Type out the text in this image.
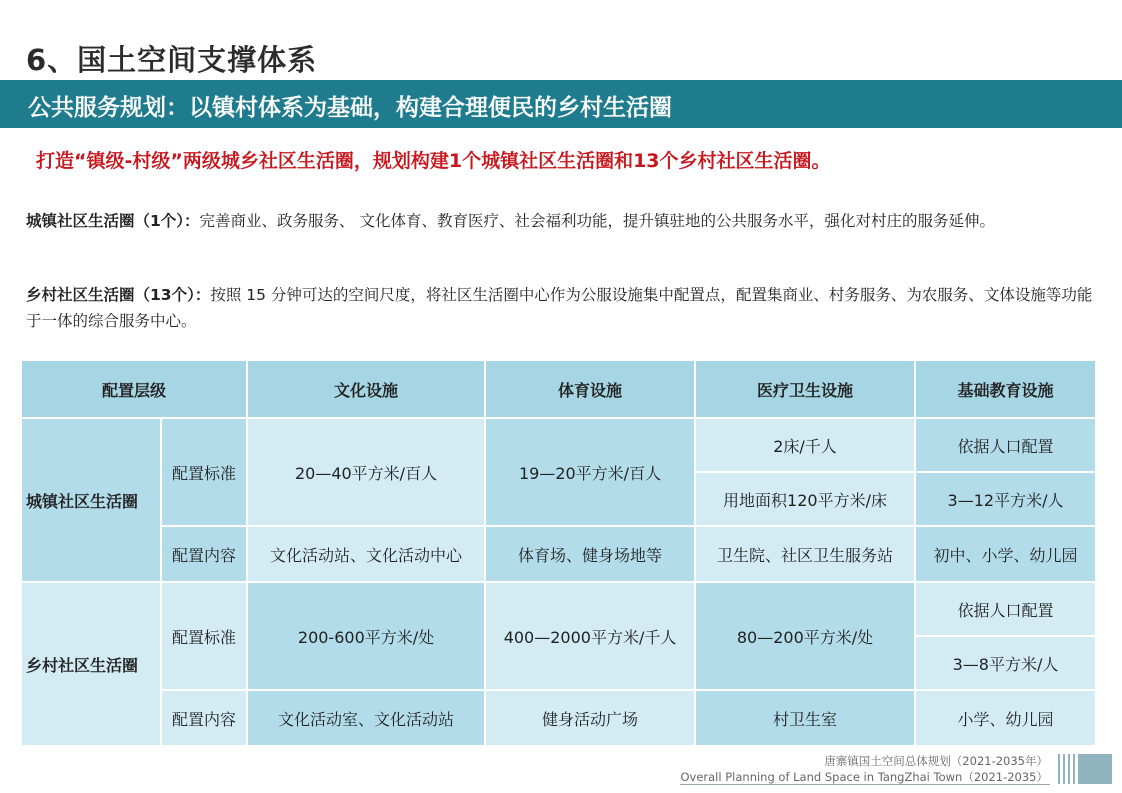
6、国土空间支撑体系
公共服务规划：以镇村体系为基础，构建合理便民的乡村生活圈
打造“镇级-村级”两级城乡社区生活圈，规划构建1个城镇社区生活圈和13个乡村社区生活圈。
城镇社区生活圈（1个）：完善商业、政务服务、 文化体育、教育医疗、社会福利功能，提升镇驻地的公共服务水平，强化对村庄的服务延伸。
乡村社区生活圈（13个）：按照 15 分钟可达的空间尺度，将社区生活圈中心作为公服设施集中配置点，配置集商业、村务服务、为农服务、文体设施等功能于一体的综合服务中心。
配置层级		文化设施	体育设施	医疗卫生设施	基础教育设施
城镇社区生活圈	配置标准	20—40平方米/百人	19—20平方米/百人	2床/千人	依据人口配置
				用地面积120平方米/床	3—12平方米/人
	配置内容	文化活动站、文化活动中心	体育场、健身场地等	卫生院、社区卫生服务站	初中、小学、幼儿园
乡村社区生活圈	配置标准	200-600平方米/处	400—2000平方米/千人	80—200平方米/处	依据人口配置
					3—8平方米/人
	配置内容	文化活动室、文化活动站	健身活动广场	村卫生室	小学、幼儿园
唐寨镇国土空间总体规划（2021-2035年）
Overall Planning of Land Space in TangZhai Town（2021-2035）
